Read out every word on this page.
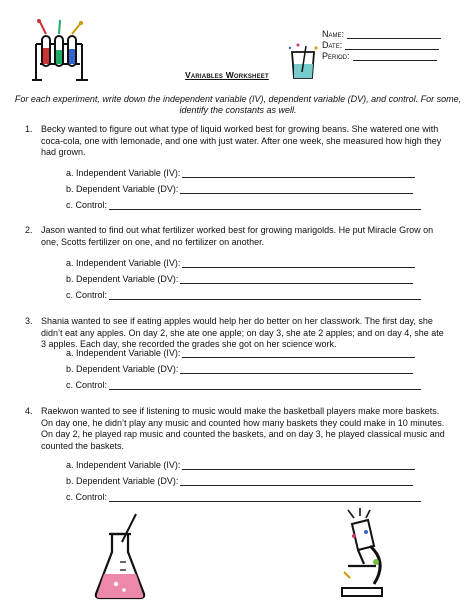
Name:
Date:
Period:
Variables Worksheet
For each experiment, write down the independent variable (IV), dependent variable (DV), and control. For some, identify the constants as well.
1. Becky wanted to figure out what type of liquid worked best for growing beans. She watered one with coca-cola, one with lemonade, and one with just water. After one week, she measured how high they had grown.
a. Independent Variable (IV):
b. Dependent Variable (DV):
c. Control:
2. Jason wanted to find out what fertilizer worked best for growing marigolds. He put Miracle Grow on one, Scotts fertilizer on one, and no fertilizer on another.
a. Independent Variable (IV):
b. Dependent Variable (DV):
c. Control:
3. Shania wanted to see if eating apples would help her do better on her classwork. The first day, she didn’t eat any apples. On day 2, she ate one apple; on day 3, she ate 2 apples; and on day 4, she ate 3 apples. Each day, she recorded the grades she got on her science work.
a. Independent Variable (IV):
b. Dependent Variable (DV):
c. Control:
4. Raekwon wanted to see if listening to music would make the basketball players make more baskets. On day one, he didn’t play any music and counted how many baskets they could make in 10 minutes. On day 2, he played rap music and counted the baskets, and on day 3, he played classical music and counted the baskets.
a. Independent Variable (IV):
b. Dependent Variable (DV):
c. Control:
